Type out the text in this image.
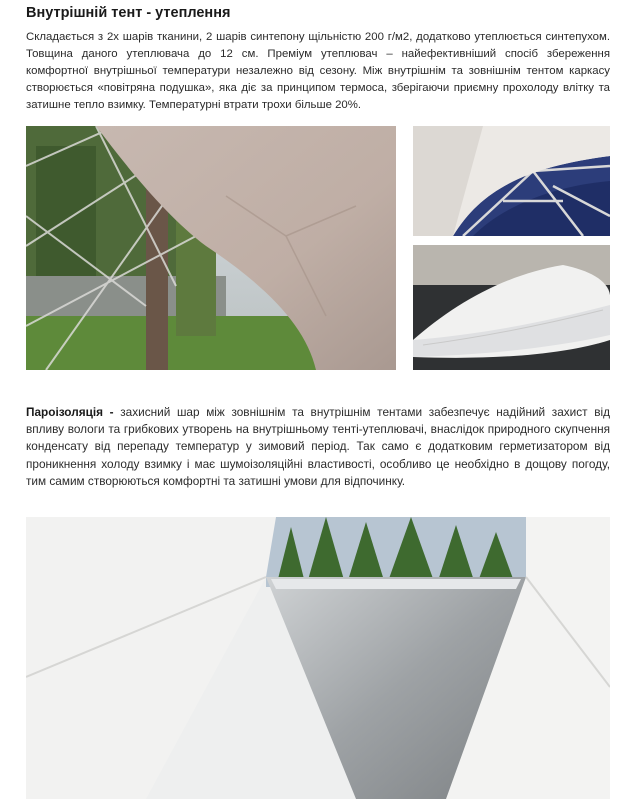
Внутрішній тент - утеплення
Складається з 2х шарів тканини, 2 шарів синтепону щільністю 200 г/м2, додатково утеплюється синтепухом. Товщина даного утеплювача до 12 см. Преміум утеплювач – найефективніший спосіб збереження комфортної внутрішньої температури незалежно від сезону. Між внутрішнім та зовнішнім тентом каркасу створюється «повітряна подушка», яка діє за принципом термоса, зберігаючи приємну прохолоду влітку та затишне тепло взимку. Температурні втрати трохи більше 20%.

Пароізоляція - захисний шар між зовнішнім та внутрішнім тентами забезпечує надійний захист від впливу вологи та грибкових утворень на внутрішньому тенті-утеплювачі, внаслідок природного скупчення конденсату від перепаду температур у зимовий період. Так само є додатковим герметизатором від проникнення холоду взимку і має шумоізоляційні властивості, особливо це необхідно в дощову погоду, тим самим створюються комфортні та затишні умови для відпочинку.
